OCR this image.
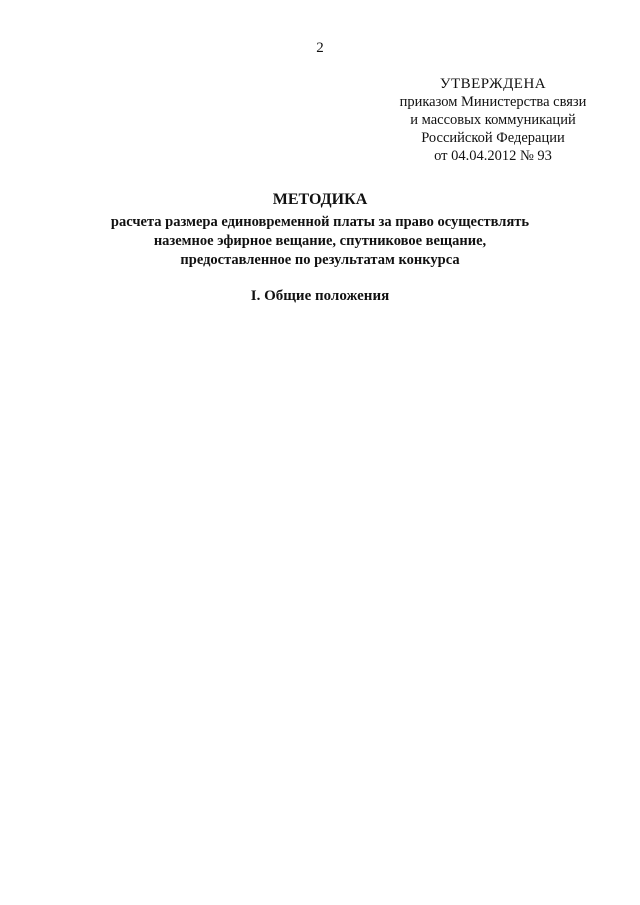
2
УТВЕРЖДЕНА
приказом Министерства связи
и массовых коммуникаций
Российской Федерации
от 04.04.2012 № 93
МЕТОДИКА
расчета размера единовременной платы за право осуществлять
наземное эфирное вещание, спутниковое вещание,
предоставленное по результатам конкурса
I. Общие положения
